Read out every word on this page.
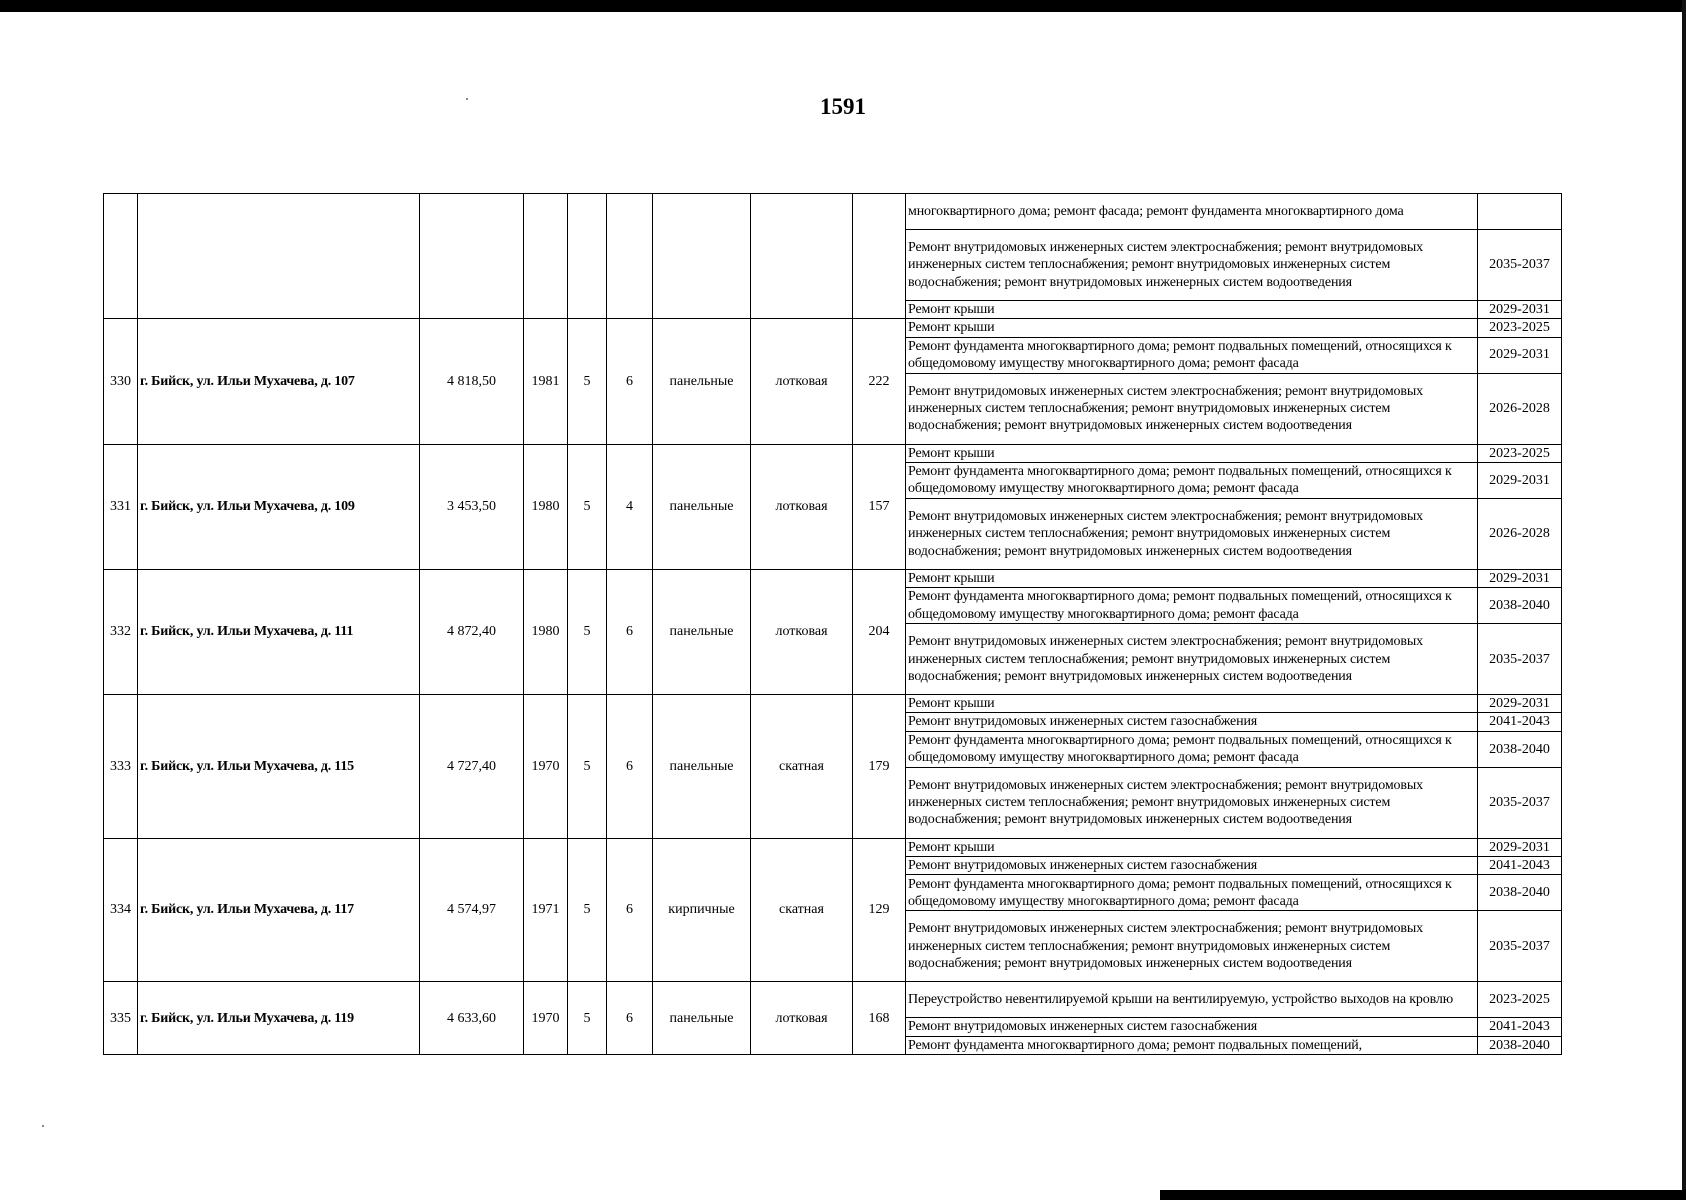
1591
									многоквартирного дома; ремонт фасада; ремонт фундамента многоквартирного дома	
									Ремонт внутридомовых инженерных систем электроснабжения; ремонт внутридомовых инженерных систем теплоснабжения; ремонт внутридомовых инженерных систем водоснабжения; ремонт внутридомовых инженерных систем водоотведения	2035-2037
									Ремонт крыши	2029-2031
330	г. Бийск, ул. Ильи Мухачева, д. 107	4 818,50	1981	5	6	панельные	лотковая	222	Ремонт крыши	2023-2025
									Ремонт фундамента многоквартирного дома; ремонт подвальных помещений, относящихся к общедомовому имуществу многоквартирного дома; ремонт фасада	2029-2031
									Ремонт внутридомовых инженерных систем электроснабжения; ремонт внутридомовых инженерных систем теплоснабжения; ремонт внутридомовых инженерных систем водоснабжения; ремонт внутридомовых инженерных систем водоотведения	2026-2028
331	г. Бийск, ул. Ильи Мухачева, д. 109	3 453,50	1980	5	4	панельные	лотковая	157	Ремонт крыши	2023-2025
									Ремонт фундамента многоквартирного дома; ремонт подвальных помещений, относящихся к общедомовому имуществу многоквартирного дома; ремонт фасада	2029-2031
									Ремонт внутридомовых инженерных систем электроснабжения; ремонт внутридомовых инженерных систем теплоснабжения; ремонт внутридомовых инженерных систем водоснабжения; ремонт внутридомовых инженерных систем водоотведения	2026-2028
332	г. Бийск, ул. Ильи Мухачева, д. 111	4 872,40	1980	5	6	панельные	лотковая	204	Ремонт крыши	2029-2031
									Ремонт фундамента многоквартирного дома; ремонт подвальных помещений, относящихся к общедомовому имуществу многоквартирного дома; ремонт фасада	2038-2040
									Ремонт внутридомовых инженерных систем электроснабжения; ремонт внутридомовых инженерных систем теплоснабжения; ремонт внутридомовых инженерных систем водоснабжения; ремонт внутридомовых инженерных систем водоотведения	2035-2037
333	г. Бийск, ул. Ильи Мухачева, д. 115	4 727,40	1970	5	6	панельные	скатная	179	Ремонт крыши	2029-2031
									Ремонт внутридомовых инженерных систем газоснабжения	2041-2043
									Ремонт фундамента многоквартирного дома; ремонт подвальных помещений, относящихся к общедомовому имуществу многоквартирного дома; ремонт фасада	2038-2040
									Ремонт внутридомовых инженерных систем электроснабжения; ремонт внутридомовых инженерных систем теплоснабжения; ремонт внутридомовых инженерных систем водоснабжения; ремонт внутридомовых инженерных систем водоотведения	2035-2037
334	г. Бийск, ул. Ильи Мухачева, д. 117	4 574,97	1971	5	6	кирпичные	скатная	129	Ремонт крыши	2029-2031
									Ремонт внутридомовых инженерных систем газоснабжения	2041-2043
									Ремонт фундамента многоквартирного дома; ремонт подвальных помещений, относящихся к общедомовому имуществу многоквартирного дома; ремонт фасада	2038-2040
									Ремонт внутридомовых инженерных систем электроснабжения; ремонт внутридомовых инженерных систем теплоснабжения; ремонт внутридомовых инженерных систем водоснабжения; ремонт внутридомовых инженерных систем водоотведения	2035-2037
335	г. Бийск, ул. Ильи Мухачева, д. 119	4 633,60	1970	5	6	панельные	лотковая	168	Переустройство невентилируемой крыши на вентилируемую, устройство выходов на кровлю	2023-2025
									Ремонт внутридомовых инженерных систем газоснабжения	2041-2043
									Ремонт фундамента многоквартирного дома; ремонт подвальных помещений,	2038-2040
